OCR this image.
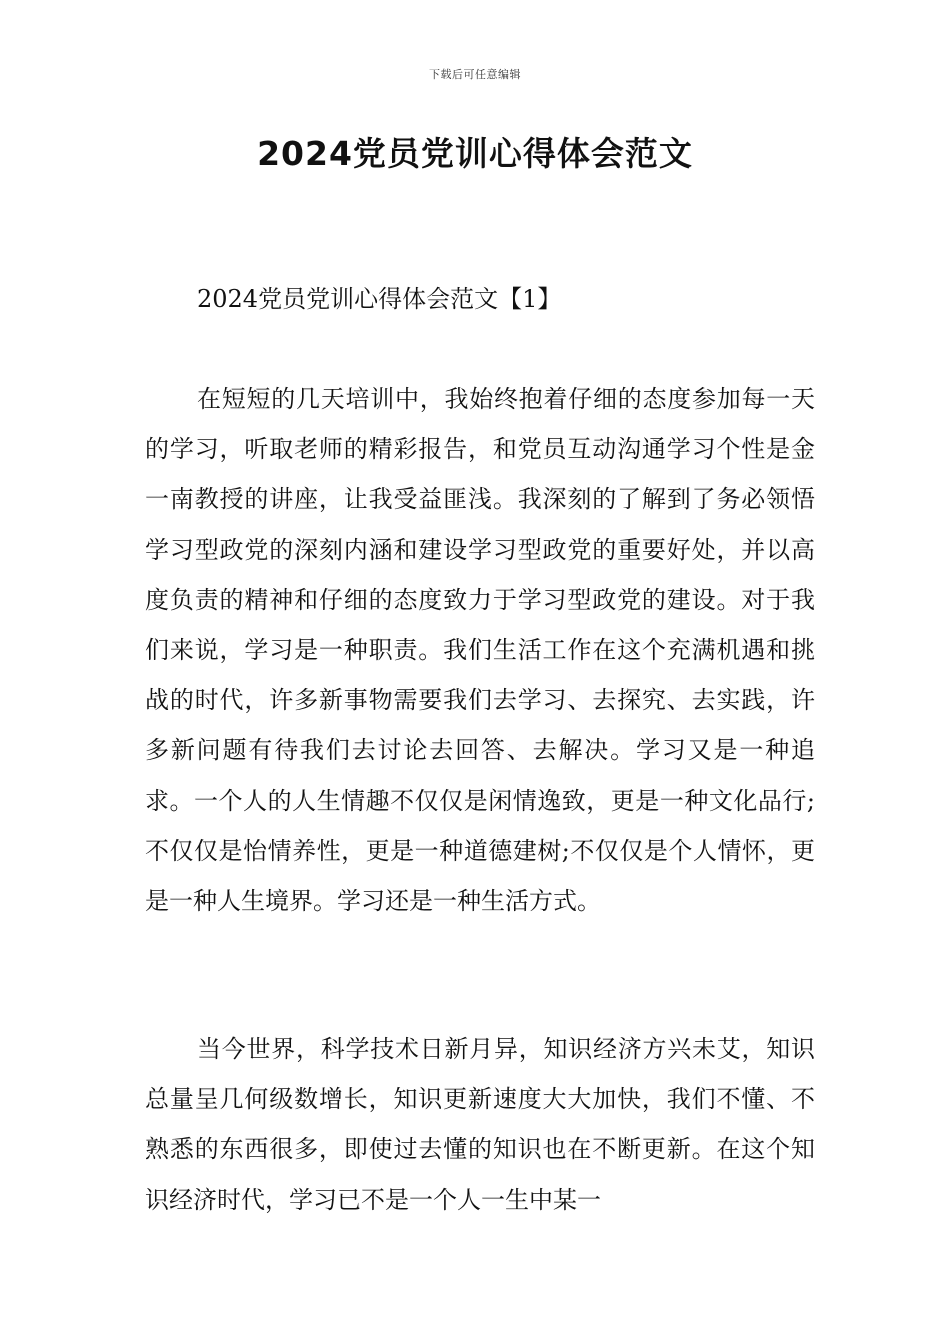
下载后可任意编辑
2024党员党训心得体会范文
2024党员党训心得体会范文【1】

在短短的几天培训中，我始终抱着仔细的态度参加每一天的学习，听取老师的精彩报告，和党员互动沟通学习个性是金一南教授的讲座，让我受益匪浅。我深刻的了解到了务必领悟学习型政党的深刻内涵和建设学习型政党的重要好处，并以高度负责的精神和仔细的态度致力于学习型政党的建设。对于我们来说，学习是一种职责。我们生活工作在这个充满机遇和挑战的时代，许多新事物需要我们去学习、去探究、去实践，许多新问题有待我们去讨论去回答、去解决。学习又是一种追求。一个人的人生情趣不仅仅是闲情逸致，更是一种文化品行;不仅仅是怡情养性，更是一种道德建树;不仅仅是个人情怀，更是一种人生境界。学习还是一种生活方式。

当今世界，科学技术日新月异，知识经济方兴未艾，知识总量呈几何级数增长，知识更新速度大大加快，我们不懂、不熟悉的东西很多，即使过去懂的知识也在不断更新。在这个知识经济时代，学习已不是一个人一生中某一
